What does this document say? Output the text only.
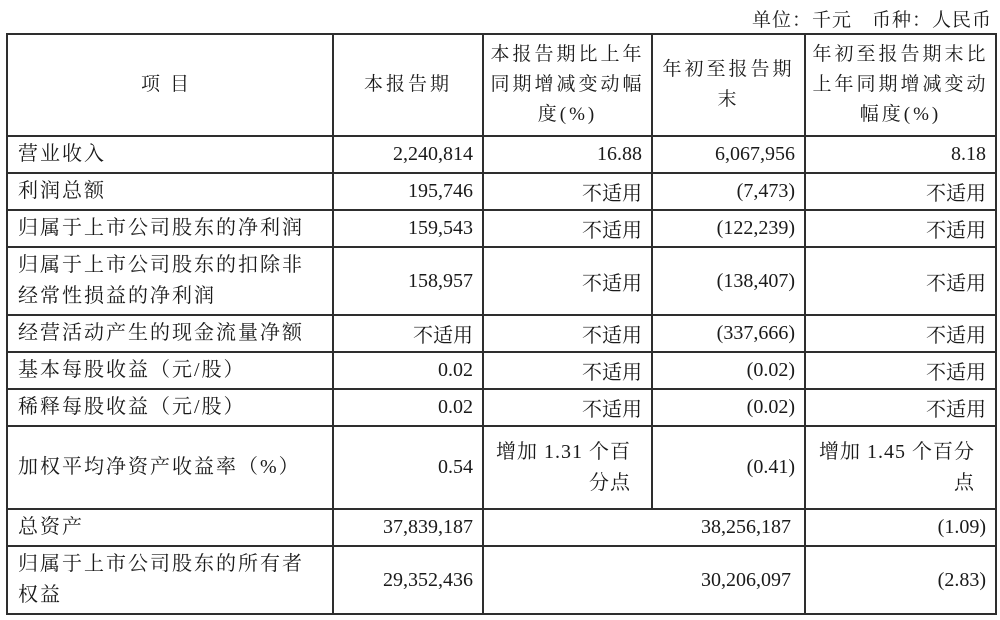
单位：千元　币种：人民币
项目	本报告期	本报告期比上年同期增减变动幅度(%)	年初至报告期末	年初至报告期末比上年同期增减变动幅度(%)
营业收入	2,240,814	16.88	6,067,956	8.18
利润总额	195,746	不适用	(7,473)	不适用
归属于上市公司股东的净利润	159,543	不适用	(122,239)	不适用
归属于上市公司股东的扣除非经常性损益的净利润	158,957	不适用	(138,407)	不适用
经营活动产生的现金流量净额	不适用	不适用	(337,666)	不适用
基本每股收益（元/股）	0.02	不适用	(0.02)	不适用
稀释每股收益（元/股）	0.02	不适用	(0.02)	不适用
加权平均净资产收益率（%）	0.54	增加 1.31 个百分点	(0.41)	增加 1.45 个百分点
总资产	37,839,187	38,256,187		(1.09)
归属于上市公司股东的所有者权益	29,352,436	30,206,097		(2.83)
